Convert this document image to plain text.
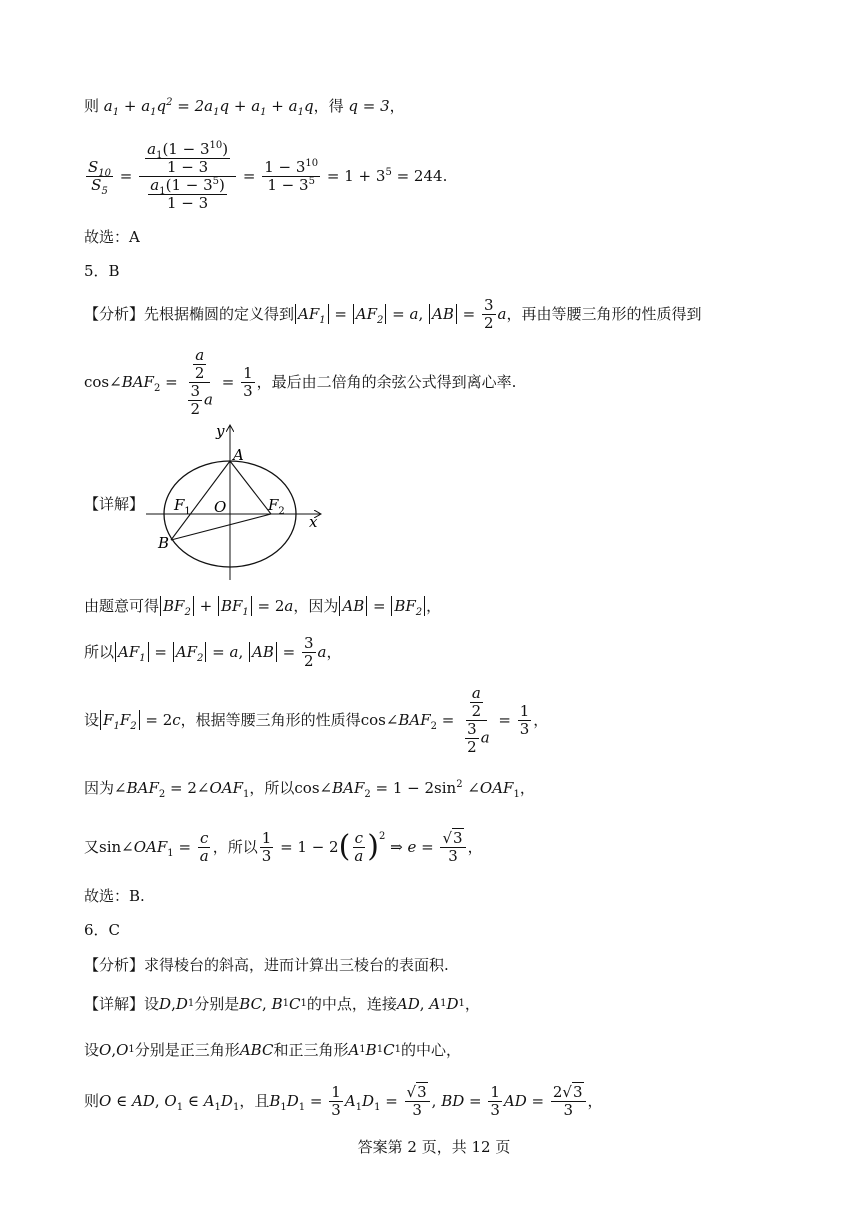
则 $a_1 + a_1q^2 = 2a_1q + a_1 + a_1q$ ，得 q = 3 ，
$\frac{S_{10}}{S_5} = \frac{\frac{a_1(1 - 3^{10})}{1 - 3}}{\frac{a_1(1 - 3^5)}{1 - 3}} = \frac{1 - 3^{10}}{1 - 3^5} = 1 + 3^5 = 244$ .
故选：A
5．B
【分析】 先根据椭圆的定义得到 $AF_1 = AF_2 = a$, AB = $\frac{3}{2}$ a ，再由等腰三角形的性质得到
$\cos\angle BAF_2 = \frac{\frac{a}{2}}{\frac{3}{2} a} = \frac{1}{3}$ ，最后由二倍角的余弦公式得到离心率.
【详解】
y
A
O
$F_1$	$F_2$
x
B
由题意可得 $BF_2 + BF_1 = 2a$ ，因为 AB = $BF_2$ ，
所以 $AF_1 = AF_2 = a$, AB = $\frac{3}{2}$ a ，
设 $F_1F_2 = 2c$ ，根据等腰三角形的性质得 $\cos\angle BAF_2 = \frac{\frac{a}{2}}{\frac{3}{2} a} = \frac{1}{3}$ ，
因为 $\angle BAF_2$ = $2\angle OAF_1$ ，所以 $\cos\angle BAF_2 = 1 - 2\sin^2$ $\angle OAF_1$ ，
又 $\sin\angle OAF_1 = \frac{c}{a}$ ，所以 $\frac{1}{3} = 1 - 2$ ( $\frac{c}{a} )^2$
⇒ $e = \frac{√3}{3}$ ，
故选：B.
6．C
【分析】 求得棱台的斜高，进而计算出三棱台的表面积.
【详解】 设 D , D 1 分别是 BC , B 1 C 1 的中点，连接 AD , A 1 D 1 ，
设 O , O 1 分别是正三角形 ABC 和正三角形 A 1 B 1 C 1 的中心，
则 O ∈ AD, $O_1$ ∈ $A_1D_1$ ，且 $B_1D_1 = \frac{1}{3} A_1D_1 = \frac{√3}{3}$ , BD = $\frac{1}{3}$ AD = $\frac{2√3}{3}$ ，
答案第 2 页，共 12 页
